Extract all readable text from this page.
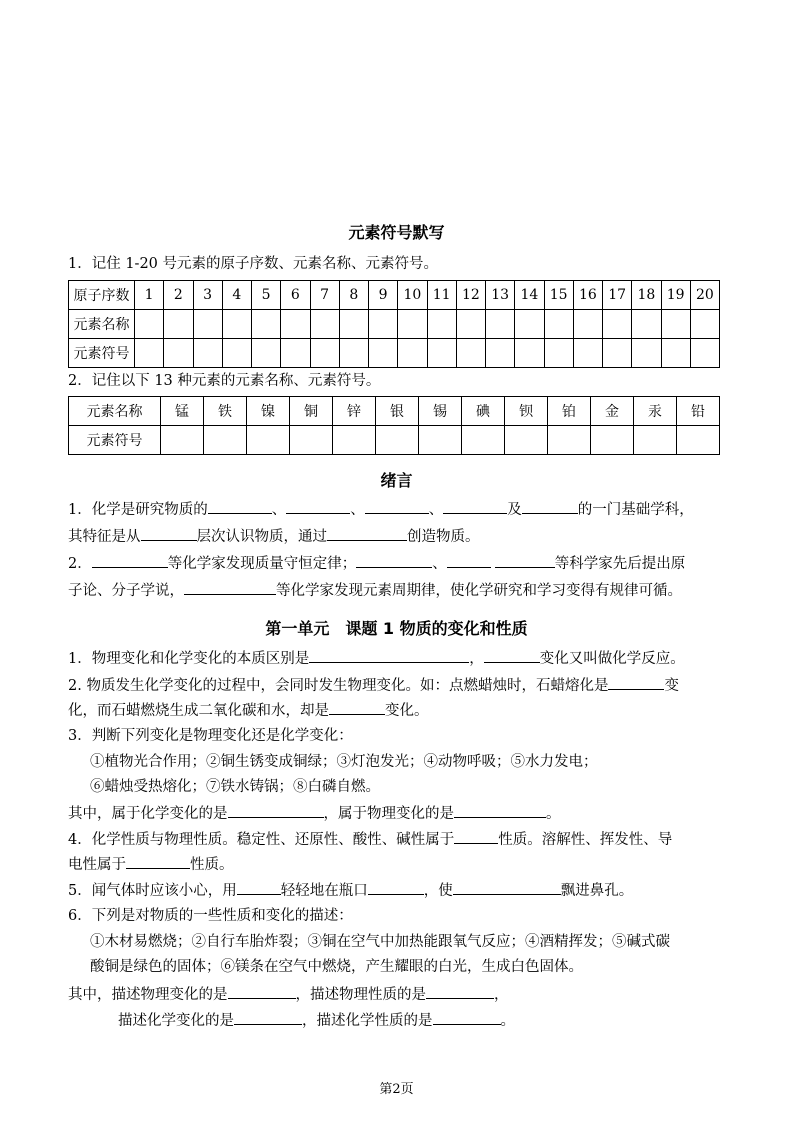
元素符号默写
1．记住 1-20 号元素的原子序数、元素名称、元素符号。
原子序数	1	2	3	4	5	6	7	8	9	10	11	12	13	14	15	16	17	18	19	20
元素名称																				
元素符号																				
2．记住以下 13 种元素的元素名称、元素符号。
元素名称	锰	铁	镍	铜	锌	银	锡	碘	钡	铂	金	汞	铅
元素符号													
绪言
1．化学是研究物质的	、	、	、	及	的一门基础学科，
其特征是从	层次认识物质，通过	创造物质。
2．	等化学家发现质量守恒定律；	、	等科学家先后提出原
子论、分子学说，	等化学家发现元素周期律，使化学研究和学习变得有规律可循。
第一单元　课题 1 物质的变化和性质
1．物理变化和化学变化的本质区别是	，	变化又叫做化学反应。
2. 物质发生化学变化的过程中，会同时发生物理变化。如：点燃蜡烛时，石蜡熔化是	变
化，而石蜡燃烧生成二氧化碳和水，却是	变化。
3．判断下列变化是物理变化还是化学变化：
①植物光合作用；②铜生锈变成铜绿；③灯泡发光；④动物呼吸；⑤水力发电；
⑥蜡烛受热熔化；⑦铁水铸锅；⑧白磷自燃。
其中，属于化学变化的是	，属于物理变化的是	。
4．化学性质与物理性质。稳定性、还原性、酸性、碱性属于	性质。溶解性、挥发性、导
电性属于	性质。
5．闻气体时应该小心，用	轻轻地在瓶口	，使	飘进鼻孔。
6．下列是对物质的一些性质和变化的描述：
①木材易燃烧；②自行车胎炸裂；③铜在空气中加热能跟氧气反应；④酒精挥发；⑤碱式碳
酸铜是绿色的固体；⑥镁条在空气中燃烧，产生耀眼的白光，生成白色固体。
其中，描述物理变化的是	，描述物理性质的是	，
描述化学变化的是	，描述化学性质的是	。
第2页
